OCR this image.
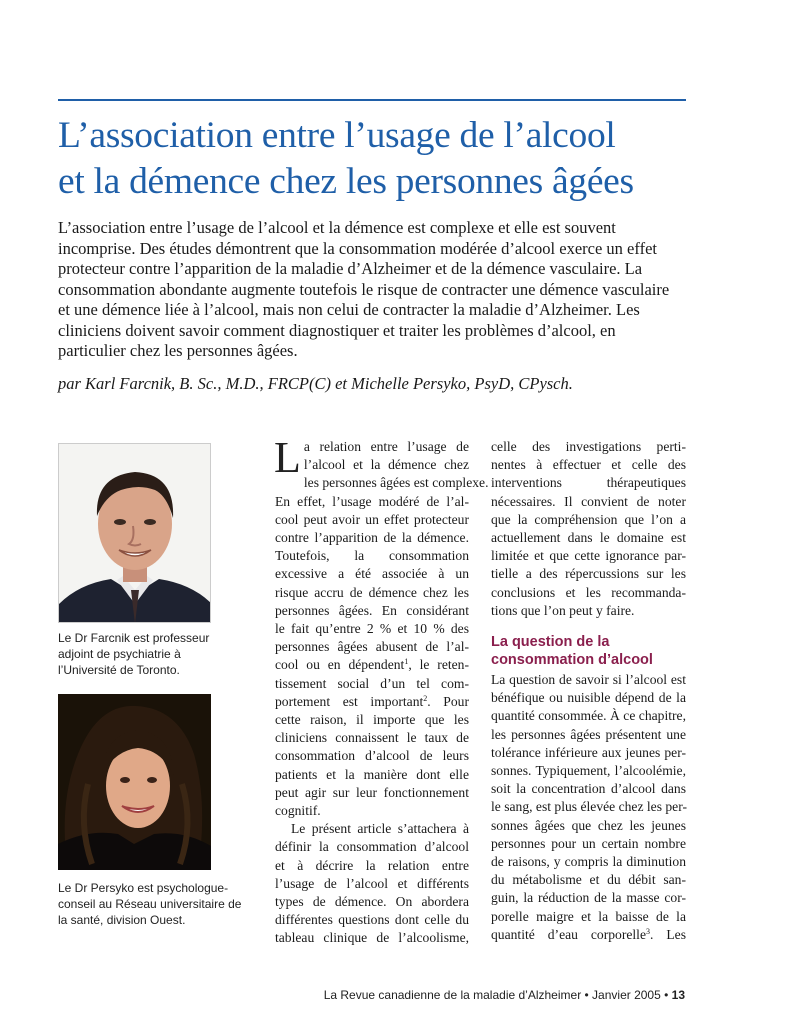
L’association entre l’usage de l’alcool
et la démence chez les personnes âgées
L’association entre l’usage de l’alcool et la démence est complexe et elle est souvent
incomprise. Des études démontrent que la consommation modérée d’alcool exerce un effet
protecteur contre l’apparition de la maladie d’Alzheimer et de la démence vasculaire. La
consommation abondante augmente toutefois le risque de contracter une démence vasculaire
et une démence liée à l’alcool, mais non celui de contracter la maladie d’Alzheimer. Les
cliniciens doivent savoir comment diagnostiquer et traiter les problèmes d’alcool, en
particulier chez les personnes âgées.
par Karl Farcnik, B. Sc., M.D., FRCP(C) et Michelle Persyko, PsyD, CPysch.
Le Dr Farcnik est professeur
adjoint de psychiatrie à
l’Université de Toronto.
Le Dr Persyko est psychologue-
conseil au Réseau universitaire de
la santé, division Ouest.
L a relation entre l’usage de
l’alcool et la démence chez
les personnes âgées est complexe.
En effet, l’usage modéré de l’al-
cool peut avoir un effet protecteur
contre l’apparition de la démence.
Toutefois, la consommation
excessive a été associée à un
risque accru de démence chez les
personnes âgées. En considérant
le fait qu’entre 2 % et 10 % des
personnes âgées abusent de l’al-
cool ou en dépendent$^1$, le reten-
tissement social d’un tel com-
portement est important$^2$. Pour
cette raison, il importe que les
cliniciens connaissent le taux de
consommation d’alcool de leurs
patients et la manière dont elle
peut agir sur leur fonctionnement
cognitif.
Le présent article s’attachera à
définir la consommation d’alcool
et à décrire la relation entre
l’usage de l’alcool et différents
types de démence. On abordera
différentes questions dont celle du
tableau clinique de l’alcoolisme,
celle des investigations perti-
nentes à effectuer et celle des
interventions thérapeutiques
nécessaires. Il convient de noter
que la compréhension que l’on a
actuellement dans le domaine est
limitée et que cette ignorance par-
tielle a des répercussions sur les
conclusions et les recommanda-
tions que l’on peut y faire.
La question de la
consommation d’alcool
La question de savoir si l’alcool est
bénéfique ou nuisible dépend de la
quantité consommée. À ce chapitre,
les personnes âgées présentent une
tolérance inférieure aux jeunes per-
sonnes. Typiquement, l’alcoolémie,
soit la concentration d’alcool dans
le sang, est plus élevée chez les per-
sonnes âgées que chez les jeunes
personnes pour un certain nombre
de raisons, y compris la diminution
du métabolisme et du débit san-
guin, la réduction de la masse cor-
porelle maigre et la baisse de la
quantité d’eau corporelle$^3$. Les
La Revue canadienne de la maladie d’Alzheimer • Janvier 2005 • 13
